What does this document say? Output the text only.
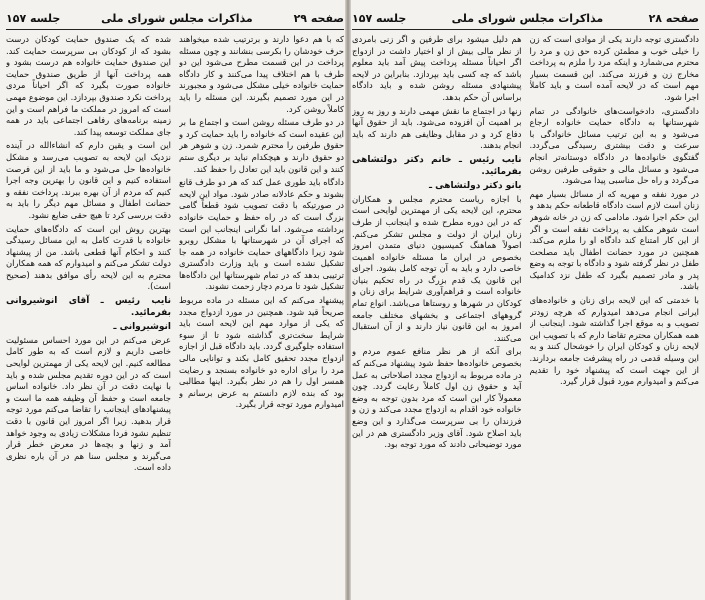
صفحه ۲۹
مذاکرات مجلس شورای ملی
جلسه ۱۵۷

که با هم دعوا دارند و برترتیب شده میخواهند حرف خودشان را بکرسی بنشانند و چون مسئله پرداخت در این قسمت مطرح می‌شود این دو طرف با هم اختلاف پیدا می‌کنند و کار دادگاه حمایت خانواده خیلی مشکل می‌شود و مجبورند در این مورد تصمیم بگیرند. این مسئله را باید کاملاً روشن کرد.

در دو طرف مسئله روشن است و اجتماع ما بر این عقیده است که خانواده را باید حمایت کرد و حقوق طرفین را محترم شمرد. زن و شوهر هر دو حقوق دارند و هیچکدام نباید بر دیگری ستم کنند و این قانون باید این تعادل را حفظ کند.

دادگاه باید طوری عمل کند که هر دو طرف قانع بشوند و حکم عادلانه صادر شود. مواد این لایحه در صورتیکه با دقت تصویب شود قطعاً گامی بزرگ است که در راه حفظ و حمایت خانواده برداشته می‌شود. اما نگرانی اینجانب این است که اجرای آن در شهرستانها با مشکل روبرو شود زیرا دادگاههای حمایت خانواده در همه جا تشکیل نشده است و باید وزارت دادگستری ترتیبی بدهد که در تمام شهرستانها این دادگاه‌ها تشکیل شود تا مردم دچار زحمت نشوند.

پیشنهاد می‌کنم که این مسئله در ماده مربوط صریحاً قید شود. همچنین در مورد ازدواج مجدد که یکی از موارد مهم این لایحه است باید شرایط سخت‌تری گذاشته شود تا از سوء استفاده جلوگیری گردد. باید دادگاه قبل از اجازه ازدواج مجدد تحقیق کامل بکند و توانایی مالی مرد را برای اداره دو خانواده بسنجد و رضایت همسر اول را هم در نظر بگیرد. اینها مطالبی بود که بنده لازم دانستم به عرض برسانم و امیدوارم مورد توجه قرار بگیرد.

شده که یک صندوق حمایت کودکان درست بشود که از کودکان بی سرپرست حمایت کند. این صندوق حمایت خانواده هم درست بشود و همه پرداخت آنها از طریق صندوق حمایت خانواده صورت بگیرد که اگر احیاناً مردی پرداخت نکرد صندوق بپردازد. این موضوع مهمی است که امروز در مملکت ما فراهم است و این زمینه برنامه‌های رفاهی اجتماعی باید در همه جای مملکت توسعه پیدا کند.

این است و یقین دارم که انشاءالله در آینده نزدیک این لایحه به تصویب می‌رسد و مشکل خانواده‌ها حل می‌شود و ما باید از این فرصت استفاده کنیم و این قانون را بهترین وجه اجرا کنیم که مردم از آن بهره ببرند. پرداخت نفقه و حضانت اطفال و مسائل مهم دیگر را باید به دقت بررسی کرد تا هیچ حقی ضایع نشود.

بهترین روش این است که دادگاه‌های حمایت خانواده با قدرت کامل به این مسائل رسیدگی کنند و احکام آنها قطعی باشد. من از پیشنهاد دولت تشکر می‌کنم و امیدوارم که همه همکاران محترم به این لایحه رأی موافق بدهند (صحیح است).

نایب رئیس ـ آقای انوشیروانی بفرمائید.
انوشیروانی ـ

عرض می‌کنم در این مورد احساس مسئولیت خاصی داریم و لازم است که به طور کامل مطالعه کنیم. این لایحه یکی از مهمترین لوایحی است که در این دوره تقدیم مجلس شده و باید با نهایت دقت در آن نظر داد. خانواده اساس جامعه است و حفظ آن وظیفه همه ما است و پیشنهادهای اینجانب را تقاضا می‌کنم مورد توجه قرار بدهید. زیرا اگر امروز این قانون با دقت تنظیم نشود فردا مشکلات زیادی به وجود خواهد آمد و زنها و بچه‌ها در معرض خطر قرار می‌گیرند و مجلس سنا هم در آن باره نظری داده است.

صفحه ۲۸
مذاکرات مجلس شورای ملی
جلسه ۱۵۷

دادگستری توجه دارند یکی از موادی است که زن را خیلی خوب و مطمئن کرده حق زن و مرد را محترم می‌شمارد و اینکه مرد را ملزم به پرداخت مخارج زن و فرزند می‌کند. این قسمت بسیار مهم است که در لایحه آمده است و باید کاملاً اجرا شود.

دادگستری، دادخواست‌های خانوادگی در تمام شهرستانها به دادگاه حمایت خانواده ارجاع می‌شود و به این ترتیب مسائل خانوادگی با سرعت و دقت بیشتری رسیدگی می‌گردد. گفتگوی خانواده‌ها در دادگاه دوستانه‌تر انجام می‌شود و مسائل مالی و حقوقی طرفین روشن می‌گردد و راه حل مناسبی پیدا می‌شود.

در مورد نفقه و مهریه که از مسائل بسیار مهم زنان است لازم است دادگاه قاطعانه حکم بدهد و این حکم اجرا شود. مادامی که زن در خانه شوهر است شوهر مکلف به پرداخت نفقه است و اگر از این کار امتناع کند دادگاه او را ملزم می‌کند. همچنین در مورد حضانت اطفال باید مصلحت طفل در نظر گرفته شود و دادگاه با توجه به وضع پدر و مادر تصمیم بگیرد که طفل نزد کدامیک باشد.

با خدمتی که این لایحه برای زنان و خانواده‌های ایرانی انجام می‌دهد امیدوارم که هرچه زودتر تصویب و به موقع اجرا گذاشته شود. اینجانب از همه همکاران محترم تقاضا دارم که با تصویب این لایحه زنان و کودکان ایران را خوشحال کنند و به این وسیله قدمی در راه پیشرفت جامعه بردارند. از این جهت است که پیشنهاد خود را تقدیم می‌کنم و امیدوارم مورد قبول قرار گیرد.

هم دلیل میشود برای طرفین و اگر زنی بامردی از نظر مالی بیش از او اختیار داشت در ازدواج اگر احیاناً مسئله پرداخت پیش آمد باید معلوم باشد که چه کسی باید بپردازد. بنابراین در لایحه پیشنهادی مسئله روشن شده و باید دادگاه براساس آن حکم بدهد.

زنها در اجتماع ما نقش مهمی دارند و روز به روز بر اهمیت آن افزوده می‌شود. باید از حقوق آنها دفاع کرد و در مقابل وظایفی هم دارند که باید انجام بدهند.

نایب رئیس ـ خانم دکتر دولتشاهی بفرمائید.
بانو دکتر دولتشاهی ـ

با اجازه ریاست محترم مجلس و همکاران محترم، این لایحه یکی از مهمترین لوایحی است که در این دوره مطرح شده و اینجانب از طرف زنان ایران از دولت و مجلس تشکر می‌کنم. اصولاً هماهنگ کمیسیون دنیای متمدن امروز بخصوص در ایران ما مسئله خانواده اهمیت خاصی دارد و باید به آن توجه کامل بشود. اجرای این قانون یک قدم بزرگ در راه تحکیم بنیان خانواده است و فراهم‌آوری شرایط برای زنان و کودکان در شهرها و روستاها می‌باشد. انواع تمام گروههای اجتماعی و بخشهای مختلف جامعه امروز به این قانون نیاز دارند و از آن استقبال می‌کنند.

برای آنکه از هر نظر منافع عموم مردم و بخصوص خانواده‌ها حفظ شود پیشنهاد می‌کنم که در ماده مربوط به ازدواج مجدد اصلاحاتی به عمل آید و حقوق زن اول کاملاً رعایت گردد. چون معمولاً کار این است که مرد بدون توجه به وضع خانواده خود اقدام به ازدواج مجدد می‌کند و زن و فرزندان را بی سرپرست می‌گذارد و این وضع باید اصلاح شود. آقای وزیر دادگستری هم در این مورد توضیحاتی دادند که مورد توجه بود.
